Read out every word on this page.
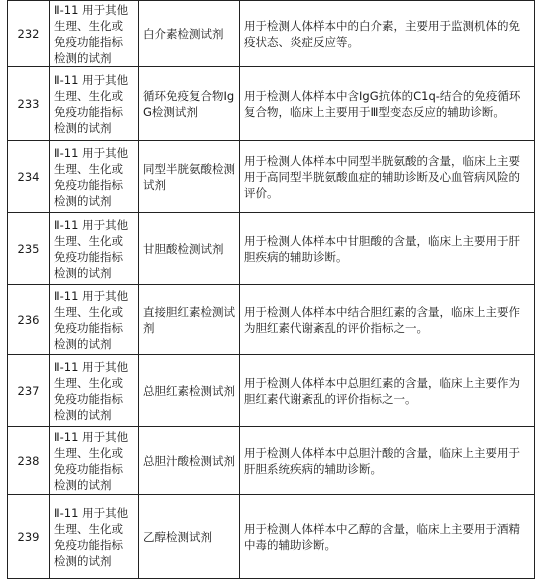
232	Ⅱ-11 用于其他生理、生化或免疫功能指标检测的试剂	白介素检测试剂	用于检测人体样本中的白介素，主要用于监测机体的免疫状态、炎症反应等。
233	Ⅱ-11 用于其他生理、生化或免疫功能指标检测的试剂	循环免疫复合物IgG检测试剂	用于检测人体样本中含IgG抗体的C1q-结合的免疫循环复合物，临床上主要用于Ⅲ型变态反应的辅助诊断。
234	Ⅱ-11 用于其他生理、生化或免疫功能指标检测的试剂	同型半胱氨酸检测试剂	用于检测人体样本中同型半胱氨酸的含量，临床上主要用于高同型半胱氨酸血症的辅助诊断及心血管病风险的评价。
235	Ⅱ-11 用于其他生理、生化或免疫功能指标检测的试剂	甘胆酸检测试剂	用于检测人体样本中甘胆酸的含量，临床上主要用于肝胆疾病的辅助诊断。
236	Ⅱ-11 用于其他生理、生化或免疫功能指标检测的试剂	直接胆红素检测试剂	用于检测人体样本中结合胆红素的含量，临床上主要作为胆红素代谢紊乱的评价指标之一。
237	Ⅱ-11 用于其他生理、生化或免疫功能指标检测的试剂	总胆红素检测试剂	用于检测人体样本中总胆红素的含量，临床上主要作为胆红素代谢紊乱的评价指标之一。
238	Ⅱ-11 用于其他生理、生化或免疫功能指标检测的试剂	总胆汁酸检测试剂	用于检测人体样本中总胆汁酸的含量，临床上主要用于肝胆系统疾病的辅助诊断。
239	Ⅱ-11 用于其他生理、生化或免疫功能指标检测的试剂	乙醇检测试剂	用于检测人体样本中乙醇的含量，临床上主要用于酒精中毒的辅助诊断。
